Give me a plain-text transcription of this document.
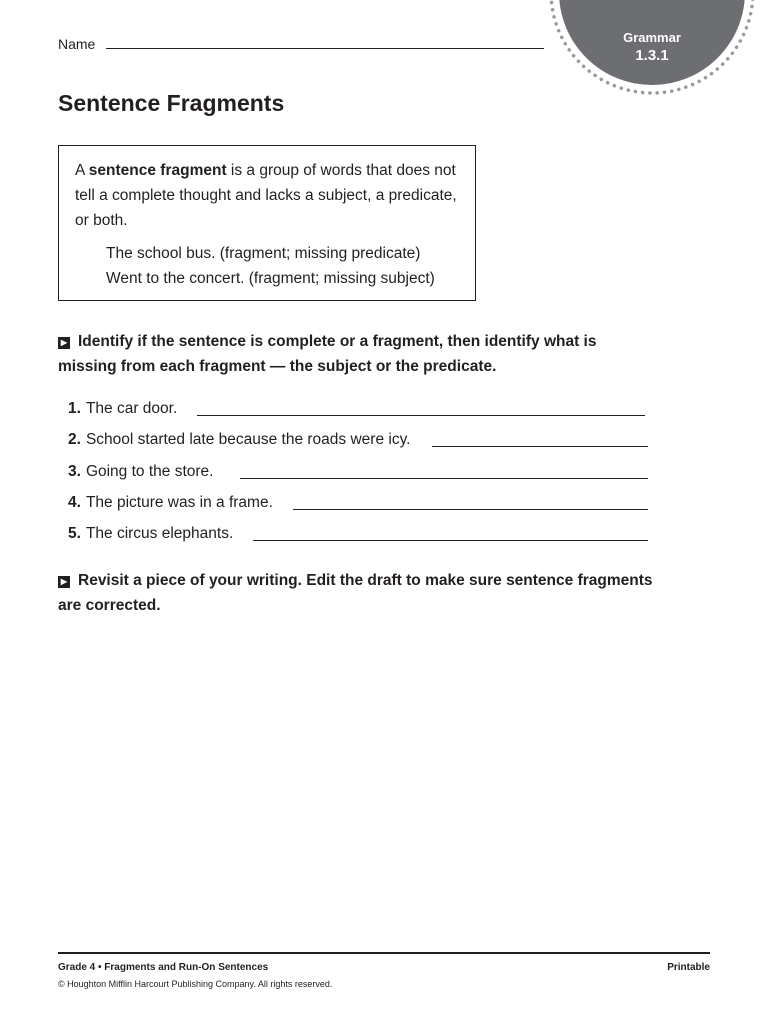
Grammar
1.3.1
Name
Sentence Fragments
A sentence fragment is a group of words that does not tell a complete thought and lacks a subject, a predicate, or both.
The school bus. (fragment; missing predicate)
Went to the concert. (fragment; missing subject)
▶ Identify if the sentence is complete or a fragment, then identify what is missing from each fragment — the subject or the predicate.
1. The car door.
2. School started late because the roads were icy.
3. Going to the store.
4. The picture was in a frame.
5. The circus elephants.
▶ Revisit a piece of your writing. Edit the draft to make sure sentence fragments are corrected.
Grade 4 • Fragments and Run-On Sentences	Printable
© Houghton Mifflin Harcourt Publishing Company. All rights reserved.
